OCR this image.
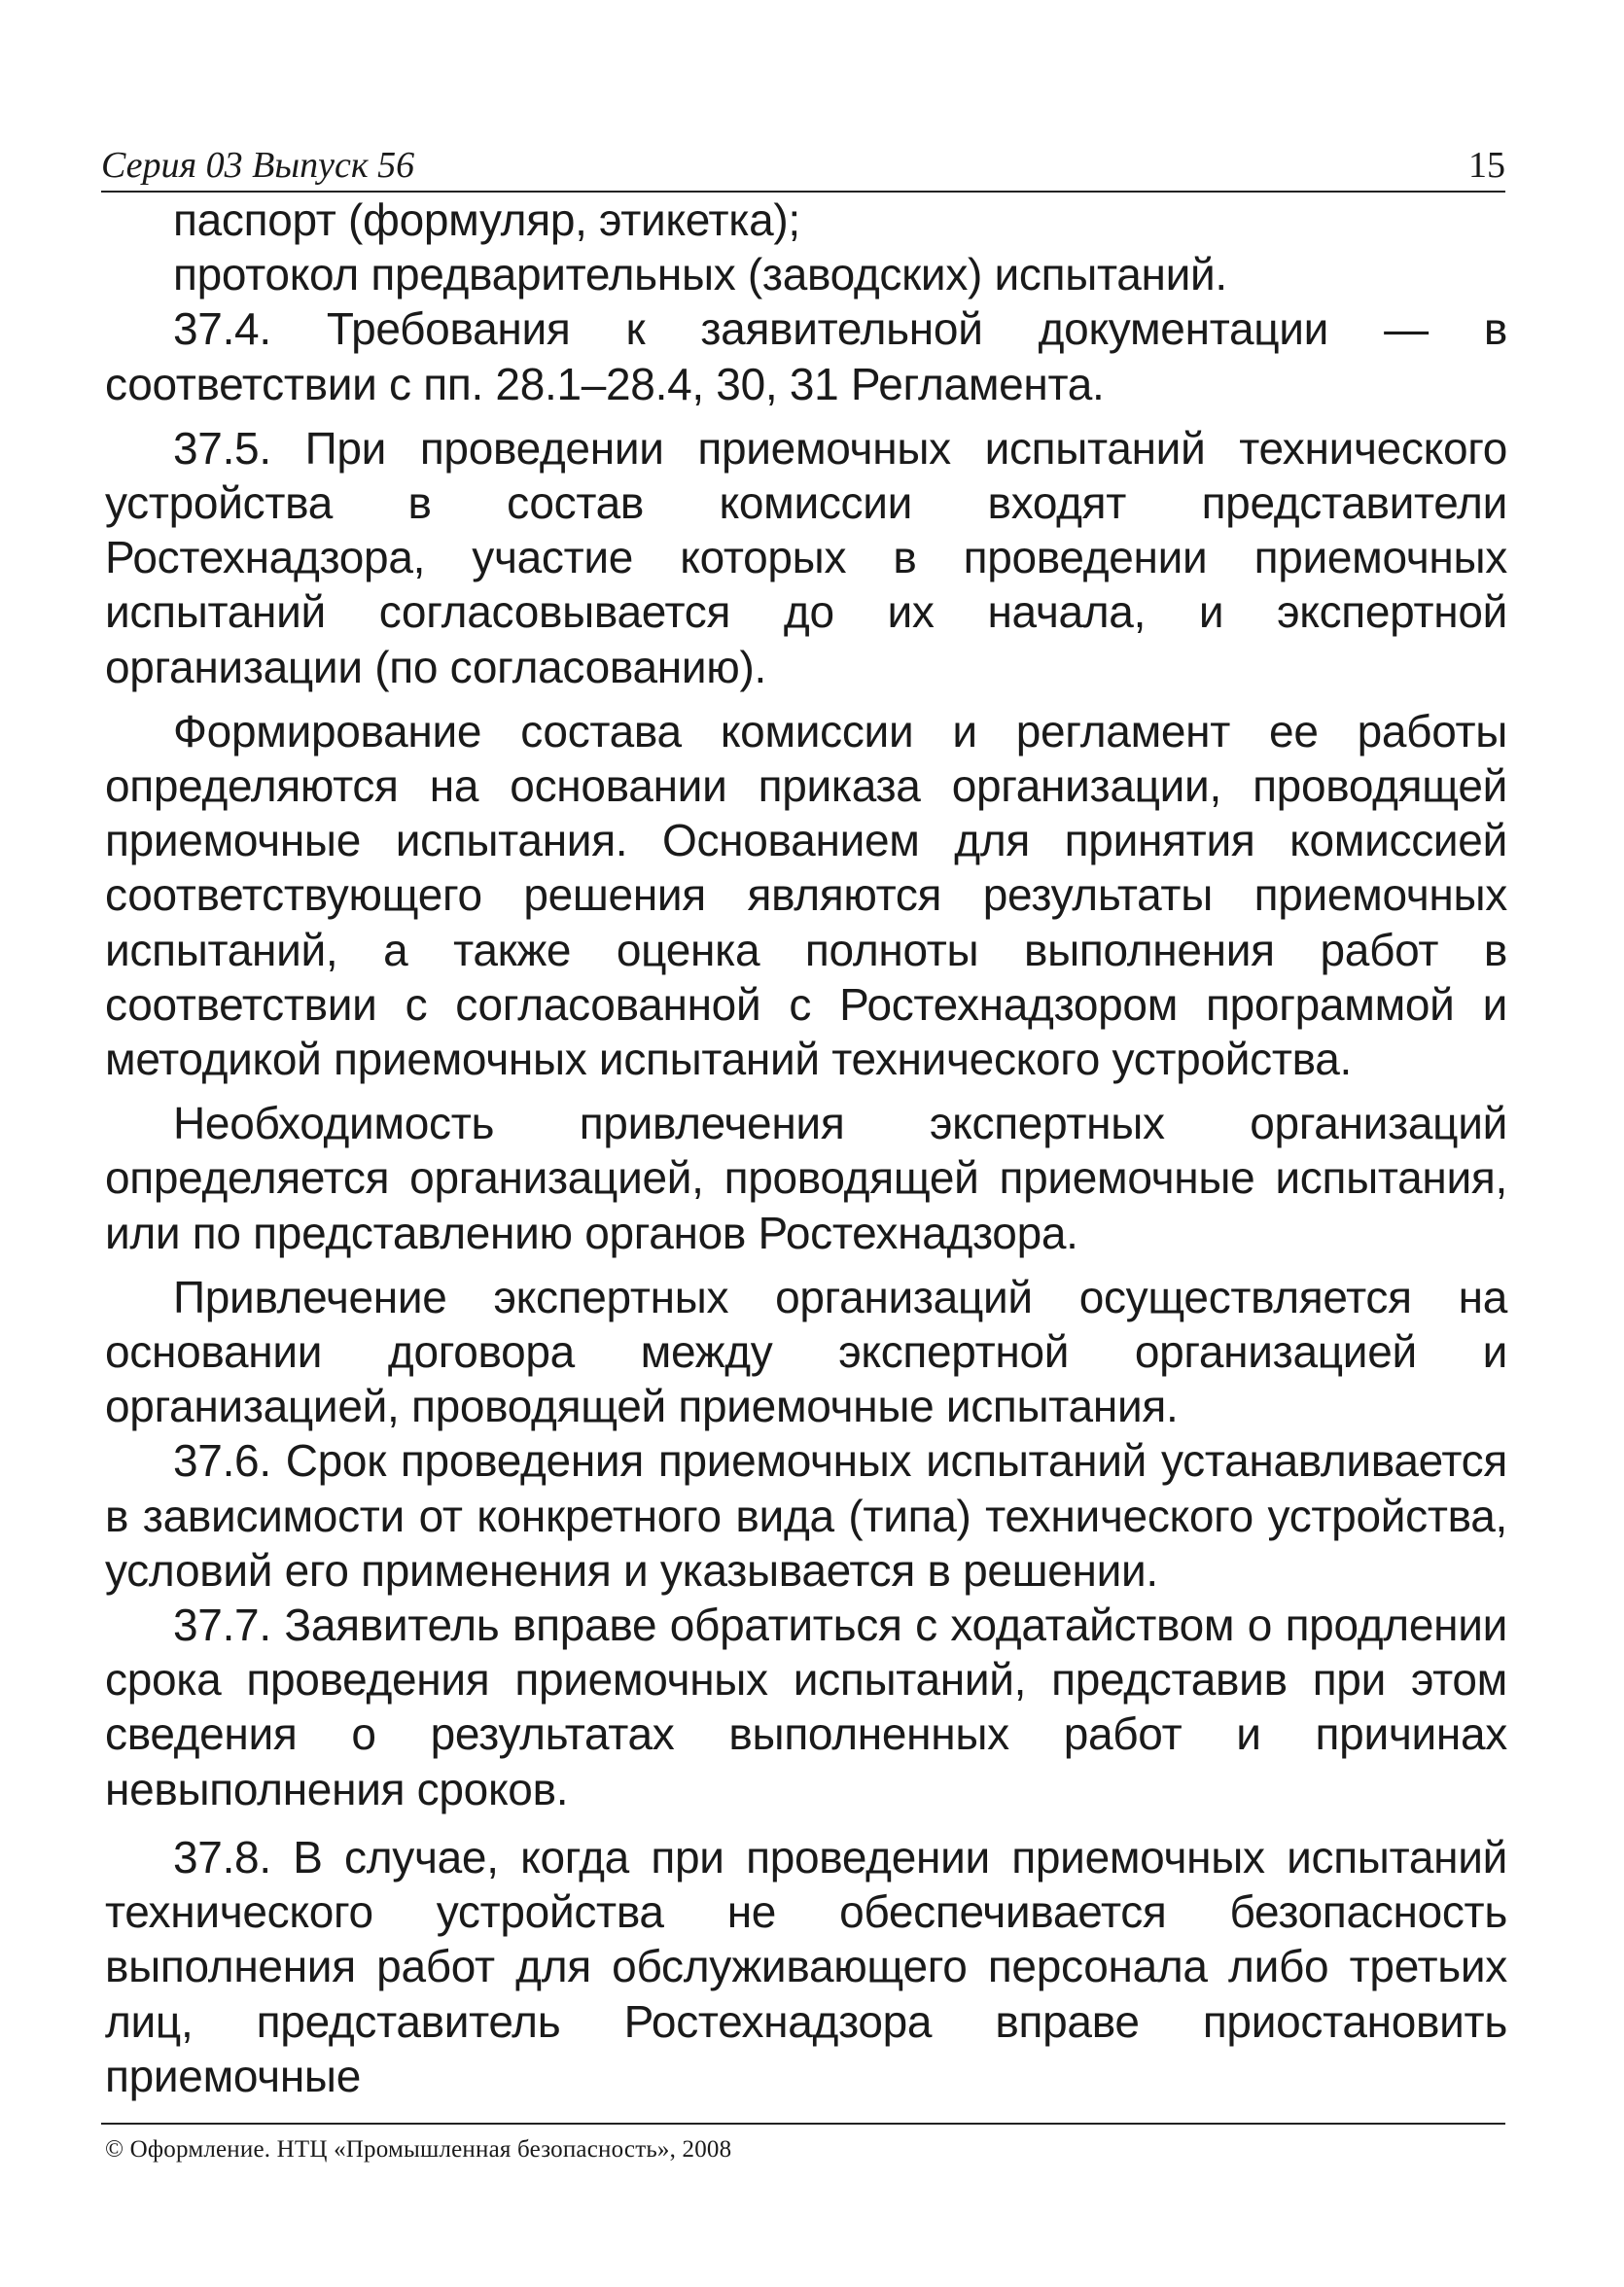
Серия 03 Выпуск 56	15

паспорт (формуляр, этикетка);

протокол предварительных (заводских) испытаний.

37.4. Требования к заявительной документации — в соответствии с пп. 28.1–28.4, 30, 31 Регламента.

37.5. При проведении приемочных испытаний технического устройства в состав комиссии входят представители Ростехнадзора, участие которых в проведении приемочных испытаний согласовывается до их начала, и экспертной организации (по согласованию).

Формирование состава комиссии и регламент ее работы определяются на основании приказа организации, проводящей приемочные испытания. Основанием для принятия комиссией соответствующего решения являются результаты приемочных испытаний, а также оценка полноты выполнения работ в соответствии с согласованной с Ростехнадзором программой и методикой приемочных испытаний технического устройства.

Необходимость привлечения экспертных организаций определяется организацией, проводящей приемочные испытания, или по представлению органов Ростехнадзора.

Привлечение экспертных организаций осуществляется на основании договора между экспертной организацией и организацией, проводящей приемочные испытания.

37.6. Срок проведения приемочных испытаний устанавливается в зависимости от конкретного вида (типа) технического устройства, условий его применения и указывается в решении.

37.7. Заявитель вправе обратиться с ходатайством о продлении срока проведения приемочных испытаний, представив при этом сведения о результатах выполненных работ и причинах невыполнения сроков.

37.8. В случае, когда при проведении приемочных испытаний технического устройства не обеспечивается безопасность выполнения работ для обслуживающего персонала либо третьих лиц, представитель Ростехнадзора вправе приостановить приемочные

© Оформление. НТЦ «Промышленная безопасность», 2008
